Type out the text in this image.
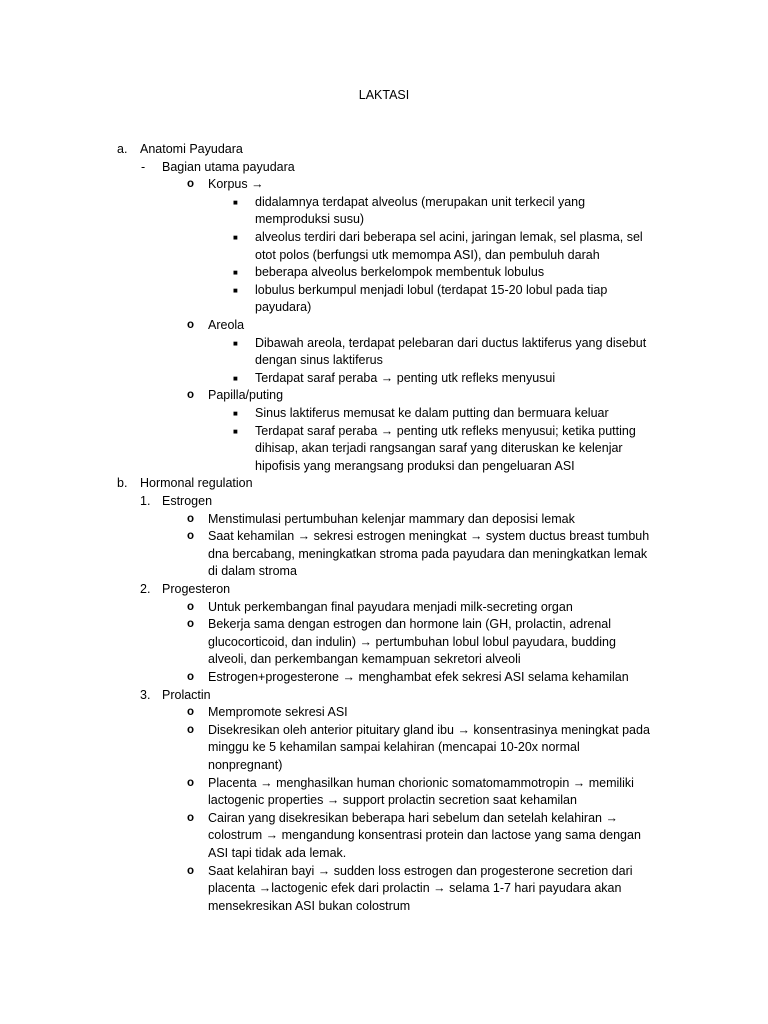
LAKTASI
a. Anatomi Payudara
- Bagian utama payudara
o Korpus →
■ didalamnya terdapat alveolus (merupakan unit terkecil yang
memproduksi susu)
■ alveolus terdiri dari beberapa sel acini, jaringan lemak, sel plasma, sel
otot polos (berfungsi utk memompa ASI), dan pembuluh darah
■ beberapa alveolus berkelompok membentuk lobulus
■ lobulus berkumpul menjadi lobul (terdapat 15-20 lobul pada tiap
payudara)
o Areola
■ Dibawah areola, terdapat pelebaran dari ductus laktiferus yang disebut
dengan sinus laktiferus
■ Terdapat saraf peraba → penting utk refleks menyusui
o Papilla/puting
■ Sinus laktiferus memusat ke dalam putting dan bermuara keluar
■ Terdapat saraf peraba → penting utk refleks menyusui; ketika putting
dihisap, akan terjadi rangsangan saraf yang diteruskan ke kelenjar
hipofisis yang merangsang produksi dan pengeluaran ASI
b. Hormonal regulation
1. Estrogen
o Menstimulasi pertumbuhan kelenjar mammary dan deposisi lemak
o Saat kehamilan → sekresi estrogen meningkat → system ductus breast tumbuh
dna bercabang, meningkatkan stroma pada payudara dan meningkatkan lemak
di dalam stroma
2. Progesteron
o Untuk perkembangan final payudara menjadi milk-secreting organ
o Bekerja sama dengan estrogen dan hormone lain (GH, prolactin, adrenal
glucocorticoid, dan indulin) → pertumbuhan lobul lobul payudara, budding
alveoli, dan perkembangan kemampuan sekretori alveoli
o Estrogen+progesterone → menghambat efek sekresi ASI selama kehamilan
3. Prolactin
o Mempromote sekresi ASI
o Disekresikan oleh anterior pituitary gland ibu → konsentrasinya meningkat pada
minggu ke 5 kehamilan sampai kelahiran (mencapai 10-20x normal
nonpregnant)
o Placenta → menghasilkan human chorionic somatomammotropin → memiliki
lactogenic properties → support prolactin secretion saat kehamilan
o Cairan yang disekresikan beberapa hari sebelum dan setelah kelahiran →
colostrum → mengandung konsentrasi protein dan lactose yang sama dengan
ASI tapi tidak ada lemak.
o Saat kelahiran bayi → sudden loss estrogen dan progesterone secretion dari
placenta →lactogenic efek dari prolactin → selama 1-7 hari payudara akan
mensekresikan ASI bukan colostrum
